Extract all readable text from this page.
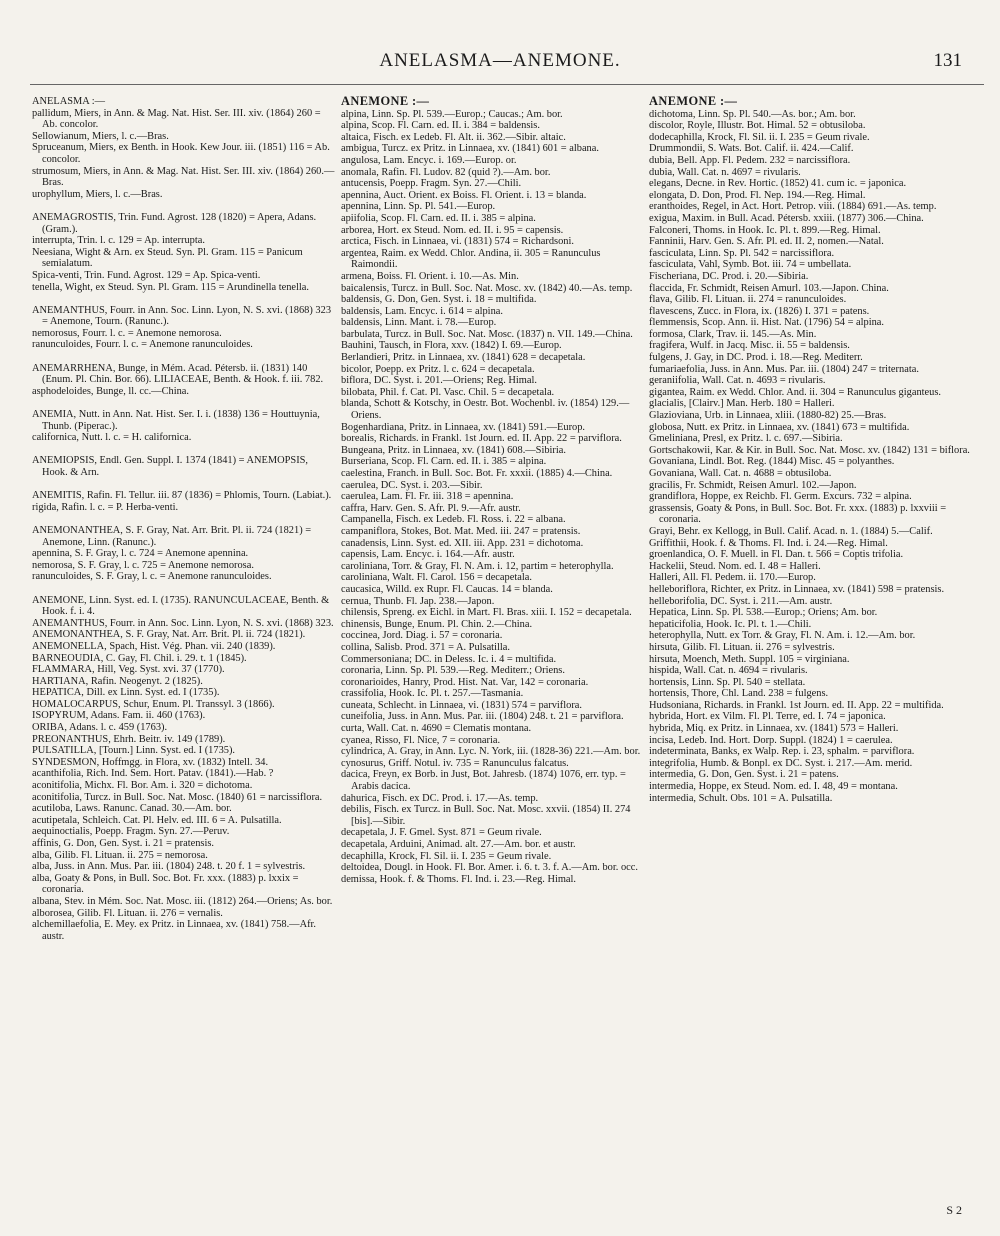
ANELASMA—ANEMONE.	131

ANELASMA :—

pallidum, Miers, in Ann. & Mag. Nat. Hist. Ser. III. xiv. (1864) 260 = Ab. concolor.

Sellowianum, Miers, l. c.—Bras.

Spruceanum, Miers, ex Benth. in Hook. Kew Jour. iii. (1851) 116 = Ab. concolor.

strumosum, Miers, in Ann. & Mag. Nat. Hist. Ser. III. xiv. (1864) 260.—Bras.

urophyllum, Miers, l. c.—Bras.

ANEMAGROSTIS, Trin. Fund. Agrost. 128 (1820) = Apera, Adans. (Gram.).

interrupta, Trin. l. c. 129 = Ap. interrupta.

Neesiana, Wight & Arn. ex Steud. Syn. Pl. Gram. 115 = Panicum semialatum.

Spica-venti, Trin. Fund. Agrost. 129 = Ap. Spica-venti.

tenella, Wight, ex Steud. Syn. Pl. Gram. 115 = Arundinella tenella.

ANEMANTHUS, Fourr. in Ann. Soc. Linn. Lyon, N. S. xvi. (1868) 323 = Anemone, Tourn. (Ranunc.).

nemorosus, Fourr. l. c. = Anemone nemorosa.

ranunculoides, Fourr. l. c. = Anemone ranunculoides.

ANEMARRHENA, Bunge, in Mém. Acad. Pétersb. ii. (1831) 140 (Enum. Pl. Chin. Bor. 66). LILIACEAE, Benth. & Hook. f. iii. 782.

asphodeloides, Bunge, ll. cc.—China.

ANEMIA, Nutt. in Ann. Nat. Hist. Ser. I. i. (1838) 136 = Houttuynia, Thunb. (Piperac.).

californica, Nutt. l. c. = H. californica.

ANEMIOPSIS, Endl. Gen. Suppl. I. 1374 (1841) = ANEMOPSIS, Hook. & Arn.

ANEMITIS, Rafin. Fl. Tellur. iii. 87 (1836) = Phlomis, Tourn. (Labiat.).

rigida, Rafin. l. c. = P. Herba-venti.

ANEMONANTHEA, S. F. Gray, Nat. Arr. Brit. Pl. ii. 724 (1821) = Anemone, Linn. (Ranunc.).

apennina, S. F. Gray, l. c. 724 = Anemone apennina.

nemorosa, S. F. Gray, l. c. 725 = Anemone nemorosa.

ranunculoides, S. F. Gray, l. c. = Anemone ranunculoides.

ANEMONE, Linn. Syst. ed. I. (1735). RANUNCULACEAE, Benth. & Hook. f. i. 4.

ANEMANTHUS, Fourr. in Ann. Soc. Linn. Lyon, N. S. xvi. (1868) 323.

ANEMONANTHEA, S. F. Gray, Nat. Arr. Brit. Pl. ii. 724 (1821).

ANEMONELLA, Spach, Hist. Vég. Phan. vii. 240 (1839).

BARNEOUDIA, C. Gay, Fl. Chil. i. 29. t. 1 (1845).

FLAMMARA, Hill, Veg. Syst. xvi. 37 (1770).

HARTIANA, Rafin. Neogenyt. 2 (1825).

HEPATICA, Dill. ex Linn. Syst. ed. I (1735).

HOMALOCARPUS, Schur, Enum. Pl. Transsyl. 3 (1866).

ISOPYRUM, Adans. Fam. ii. 460 (1763).

ORIBA, Adans. l. c. 459 (1763).

PREONANTHUS, Ehrh. Beitr. iv. 149 (1789).

PULSATILLA, [Tourn.] Linn. Syst. ed. I (1735).

SYNDESMON, Hoffmgg. in Flora, xv. (1832) Intell. 34.

acanthifolia, Rich. Ind. Sem. Hort. Patav. (1841).—Hab. ?

aconitifolia, Michx. Fl. Bor. Am. i. 320 = dichotoma.

aconitifolia, Turcz. in Bull. Soc. Nat. Mosc. (1840) 61 = narcissiflora.

acutiloba, Laws. Ranunc. Canad. 30.—Am. bor.

acutipetala, Schleich. Cat. Pl. Helv. ed. III. 6 = A. Pulsatilla.

aequinoctialis, Poepp. Fragm. Syn. 27.—Peruv.

affinis, G. Don, Gen. Syst. i. 21 = pratensis.

alba, Gilib. Fl. Lituan. ii. 275 = nemorosa.

alba, Juss. in Ann. Mus. Par. iii. (1804) 248. t. 20 f. 1 = sylvestris.

alba, Goaty & Pons, in Bull. Soc. Bot. Fr. xxx. (1883) p. lxxix = coronaria.

albana, Stev. in Mém. Soc. Nat. Mosc. iii. (1812) 264.—Oriens; As. bor.

alborosea, Gilib. Fl. Lituan. ii. 276 = vernalis.

alchemillaefolia, E. Mey. ex Pritz. in Linnaea, xv. (1841) 758.—Afr. austr.

ANEMONE :—

alpina, Linn. Sp. Pl. 539.—Europ.; Caucas.; Am. bor.

alpina, Scop. Fl. Carn. ed. II. i. 384 = baldensis.

altaica, Fisch. ex Ledeb. Fl. Alt. ii. 362.—Sibir. altaic.

ambigua, Turcz. ex Pritz. in Linnaea, xv. (1841) 601 = albana.

angulosa, Lam. Encyc. i. 169.—Europ. or.

anomala, Rafin. Fl. Ludov. 82 (quid ?).—Am. bor.

antucensis, Poepp. Fragm. Syn. 27.—Chili.

apennina, Auct. Orient. ex Boiss. Fl. Orient. i. 13 = blanda.

apennina, Linn. Sp. Pl. 541.—Europ.

apiifolia, Scop. Fl. Carn. ed. II. i. 385 = alpina.

arborea, Hort. ex Steud. Nom. ed. II. i. 95 = capensis.

arctica, Fisch. in Linnaea, vi. (1831) 574 = Richardsoni.

argentea, Raim. ex Wedd. Chlor. Andina, ii. 305 = Ranunculus Raimondii.

armena, Boiss. Fl. Orient. i. 10.—As. Min.

baicalensis, Turcz. in Bull. Soc. Nat. Mosc. xv. (1842) 40.—As. temp.

baldensis, G. Don, Gen. Syst. i. 18 = multifida.

baldensis, Lam. Encyc. i. 614 = alpina.

baldensis, Linn. Mant. i. 78.—Europ.

barbulata, Turcz. in Bull. Soc. Nat. Mosc. (1837) n. VII. 149.—China.

Bauhini, Tausch, in Flora, xxv. (1842) I. 69.—Europ.

Berlandieri, Pritz. in Linnaea, xv. (1841) 628 = decapetala.

bicolor, Poepp. ex Pritz. l. c. 624 = decapetala.

biflora, DC. Syst. i. 201.—Oriens; Reg. Himal.

bilobata, Phil. f. Cat. Pl. Vasc. Chil. 5 = decapetala.

blanda, Schott & Kotschy, in Oestr. Bot. Wochenbl. iv. (1854) 129.—Oriens.

Bogenhardiana, Pritz. in Linnaea, xv. (1841) 591.—Europ.

borealis, Richards. in Frankl. 1st Journ. ed. II. App. 22 = parviflora.

Bungeana, Pritz. in Linnaea, xv. (1841) 608.—Sibiria.

Burseriana, Scop. Fl. Carn. ed. II. i. 385 = alpina.

caelestina, Franch. in Bull. Soc. Bot. Fr. xxxii. (1885) 4.—China.

caerulea, DC. Syst. i. 203.—Sibir.

caerulea, Lam. Fl. Fr. iii. 318 = apennina.

caffra, Harv. Gen. S. Afr. Pl. 9.—Afr. austr.

Campanella, Fisch. ex Ledeb. Fl. Ross. i. 22 = albana.

campaniflora, Stokes, Bot. Mat. Med. iii. 247 = pratensis.

canadensis, Linn. Syst. ed. XII. iii. App. 231 = dichotoma.

capensis, Lam. Encyc. i. 164.—Afr. austr.

caroliniana, Torr. & Gray, Fl. N. Am. i. 12, partim = heterophylla.

caroliniana, Walt. Fl. Carol. 156 = decapetala.

caucasica, Willd. ex Rupr. Fl. Caucas. 14 = blanda.

cernua, Thunb. Fl. Jap. 238.—Japon.

chilensis, Spreng. ex Eichl. in Mart. Fl. Bras. xiii. I. 152 = decapetala.

chinensis, Bunge, Enum. Pl. Chin. 2.—China.

coccinea, Jord. Diag. i. 57 = coronaria.

collina, Salisb. Prod. 371 = A. Pulsatilla.

Commersoniana; DC. in Deless. Ic. i. 4 = multifida.

coronaria, Linn. Sp. Pl. 539.—Reg. Mediterr.; Oriens.

coronarioides, Hanry, Prod. Hist. Nat. Var, 142 = coronaria.

crassifolia, Hook. Ic. Pl. t. 257.—Tasmania.

cuneata, Schlecht. in Linnaea, vi. (1831) 574 = parviflora.

cuneifolia, Juss. in Ann. Mus. Par. iii. (1804) 248. t. 21 = parviflora.

curta, Wall. Cat. n. 4690 = Clematis montana.

cyanea, Risso, Fl. Nice, 7 = coronaria.

cylindrica, A. Gray, in Ann. Lyc. N. York, iii. (1828-36) 221.—Am. bor.

cynosurus, Griff. Notul. iv. 735 = Ranunculus falcatus.

dacica, Freyn, ex Borb. in Just, Bot. Jahresb. (1874) 1076, err. typ. = Arabis dacica.

dahurica, Fisch. ex DC. Prod. i. 17.—As. temp.

debilis, Fisch. ex Turcz. in Bull. Soc. Nat. Mosc. xxvii. (1854) II. 274 [bis].—Sibir.

decapetala, J. F. Gmel. Syst. 871 = Geum rivale.

decapetala, Arduini, Animad. alt. 27.—Am. bor. et austr.

decaphilla, Krock, Fl. Sil. ii. I. 235 = Geum rivale.

deltoidea, Dougl. in Hook. Fl. Bor. Amer. i. 6. t. 3. f. A.—Am. bor. occ.

demissa, Hook. f. & Thoms. Fl. Ind. i. 23.—Reg. Himal.

ANEMONE :—

dichotoma, Linn. Sp. Pl. 540.—As. bor.; Am. bor.

discolor, Royle, Illustr. Bot. Himal. 52 = obtusiloba.

dodecaphilla, Krock, Fl. Sil. ii. I. 235 = Geum rivale.

Drummondii, S. Wats. Bot. Calif. ii. 424.—Calif.

dubia, Bell. App. Fl. Pedem. 232 = narcissiflora.

dubia, Wall. Cat. n. 4697 = rivularis.

elegans, Decne. in Rev. Hortic. (1852) 41. cum ic. = japonica.

elongata, D. Don, Prod. Fl. Nep. 194.—Reg. Himal.

eranthoides, Regel, in Act. Hort. Petrop. viii. (1884) 691.—As. temp.

exigua, Maxim. in Bull. Acad. Pétersb. xxiii. (1877) 306.—China.

Falconeri, Thoms. in Hook. Ic. Pl. t. 899.—Reg. Himal.

Fanninii, Harv. Gen. S. Afr. Pl. ed. II. 2, nomen.—Natal.

fasciculata, Linn. Sp. Pl. 542 = narcissiflora.

fasciculata, Vahl, Symb. Bot. iii. 74 = umbellata.

Fischeriana, DC. Prod. i. 20.—Sibiria.

flaccida, Fr. Schmidt, Reisen Amurl. 103.—Japon. China.

flava, Gilib. Fl. Lituan. ii. 274 = ranunculoides.

flavescens, Zucc. in Flora, ix. (1826) I. 371 = patens.

flemmensis, Scop. Ann. ii. Hist. Nat. (1796) 54 = alpina.

formosa, Clark, Trav. ii. 145.—As. Min.

fragifera, Wulf. in Jacq. Misc. ii. 55 = baldensis.

fulgens, J. Gay, in DC. Prod. i. 18.—Reg. Mediterr.

fumariaefolia, Juss. in Ann. Mus. Par. iii. (1804) 247 = triternata.

geraniifolia, Wall. Cat. n. 4693 = rivularis.

gigantea, Raim. ex Wedd. Chlor. And. ii. 304 = Ranunculus giganteus.

glacialis, [Clairv.] Man. Herb. 180 = Halleri.

Glazioviana, Urb. in Linnaea, xliii. (1880-82) 25.—Bras.

globosa, Nutt. ex Pritz. in Linnaea, xv. (1841) 673 = multifida.

Gmeliniana, Presl, ex Pritz. l. c. 697.—Sibiria.

Gortschakowii, Kar. & Kir. in Bull. Soc. Nat. Mosc. xv. (1842) 131 = biflora.

Govaniana, Lindl. Bot. Reg. (1844) Misc. 45 = polyanthes.

Govaniana, Wall. Cat. n. 4688 = obtusiloba.

gracilis, Fr. Schmidt, Reisen Amurl. 102.—Japon.

grandiflora, Hoppe, ex Reichb. Fl. Germ. Excurs. 732 = alpina.

grassensis, Goaty & Pons, in Bull. Soc. Bot. Fr. xxx. (1883) p. lxxviii = coronaria.

Grayi, Behr. ex Kellogg, in Bull. Calif. Acad. n. 1. (1884) 5.—Calif.

Griffithii, Hook. f. & Thoms. Fl. Ind. i. 24.—Reg. Himal.

groenlandica, O. F. Muell. in Fl. Dan. t. 566 = Coptis trifolia.

Hackelii, Steud. Nom. ed. I. 48 = Halleri.

Halleri, All. Fl. Pedem. ii. 170.—Europ.

helleboriflora, Richter, ex Pritz. in Linnaea, xv. (1841) 598 = pratensis.

helleborifolia, DC. Syst. i. 211.—Am. austr.

Hepatica, Linn. Sp. Pl. 538.—Europ.; Oriens; Am. bor.

hepaticifolia, Hook. Ic. Pl. t. 1.—Chili.

heterophylla, Nutt. ex Torr. & Gray, Fl. N. Am. i. 12.—Am. bor.

hirsuta, Gilib. Fl. Lituan. ii. 276 = sylvestris.

hirsuta, Moench, Meth. Suppl. 105 = virginiana.

hispida, Wall. Cat. n. 4694 = rivularis.

hortensis, Linn. Sp. Pl. 540 = stellata.

hortensis, Thore, Chl. Land. 238 = fulgens.

Hudsoniana, Richards. in Frankl. 1st Journ. ed. II. App. 22 = multifida.

hybrida, Hort. ex Vilm. Fl. Pl. Terre, ed. I. 74 = japonica.

hybrida, Miq. ex Pritz. in Linnaea, xv. (1841) 573 = Halleri.

incisa, Ledeb. Ind. Hort. Dorp. Suppl. (1824) 1 = caerulea.

indeterminata, Banks, ex Walp. Rep. i. 23, sphalm. = parviflora.

integrifolia, Humb. & Bonpl. ex DC. Syst. i. 217.—Am. merid.

intermedia, G. Don, Gen. Syst. i. 21 = patens.

intermedia, Hoppe, ex Steud. Nom. ed. I. 48, 49 = montana.

intermedia, Schult. Obs. 101 = A. Pulsatilla.

S 2
